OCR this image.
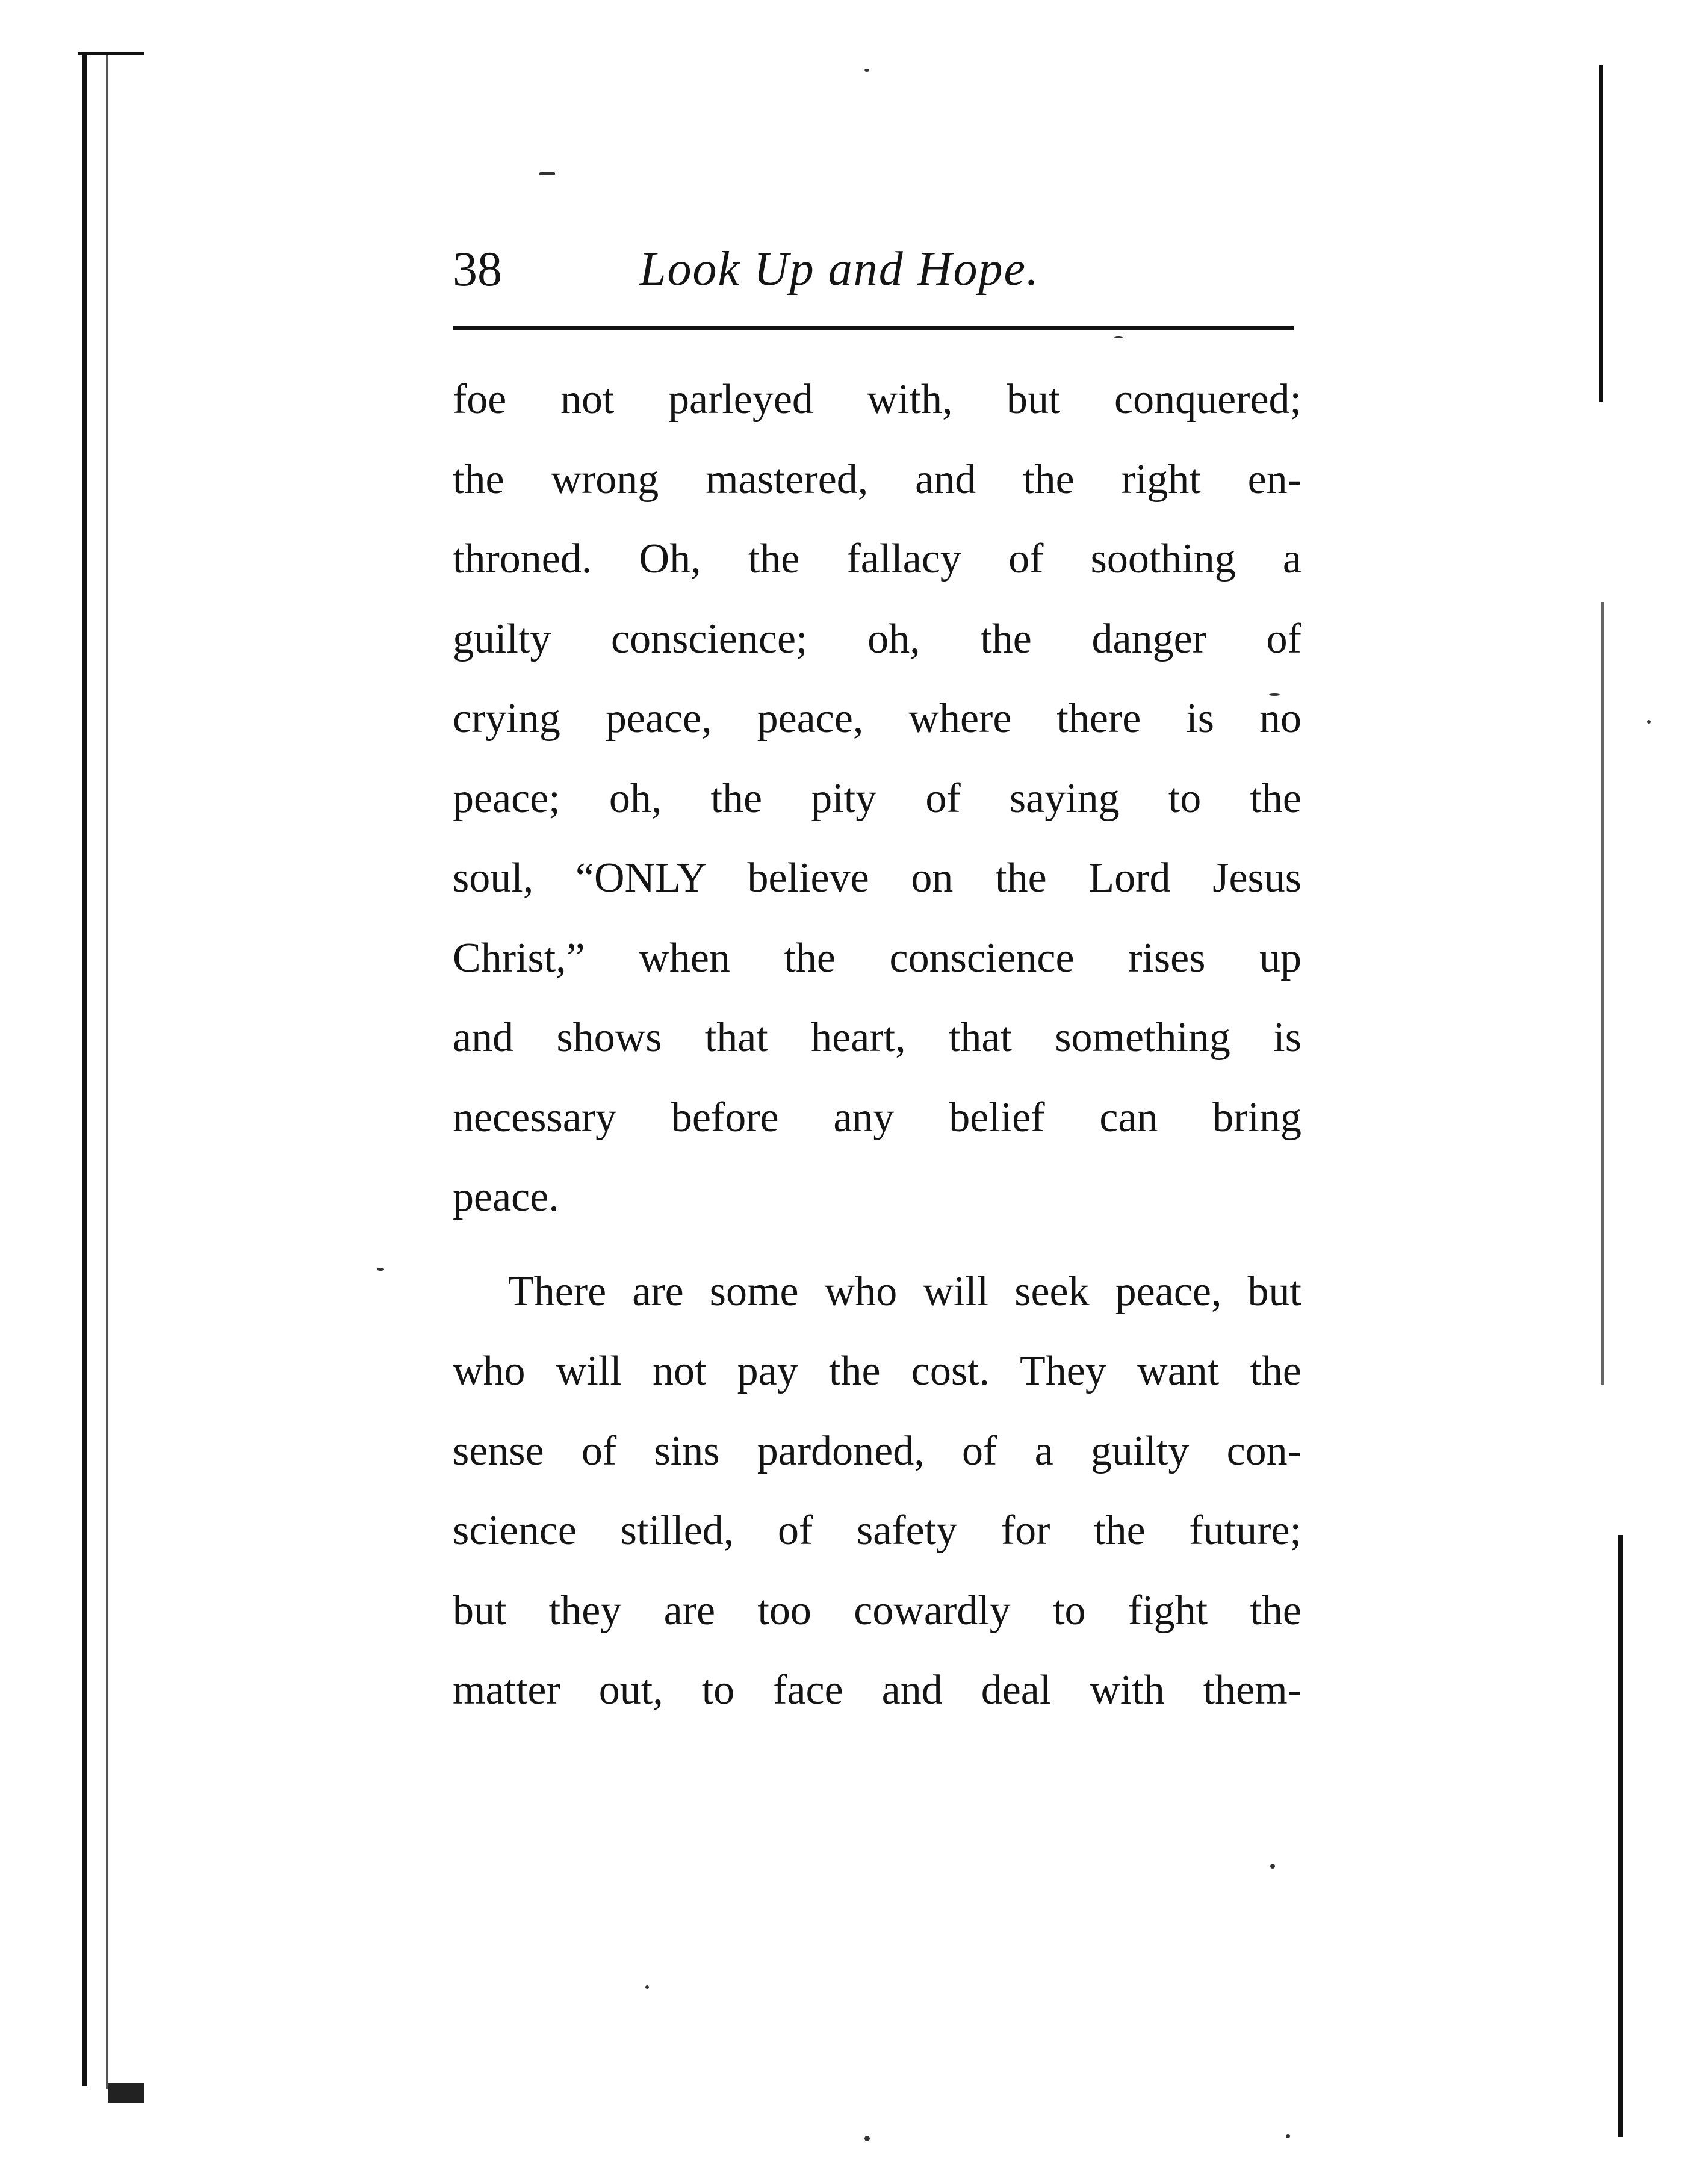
38	Look Up and Hope.
foe not parleyed with, but conquered;
the wrong mastered, and the right en-
throned. Oh, the fallacy of soothing a
guilty conscience; oh, the danger of
crying peace, peace, where there is no
peace; oh, the pity of saying to the
soul, “ONLY believe on the Lord Jesus
Christ,” when the conscience rises up
and shows that heart, that something is
necessary before any belief can bring
peace.
There are some who will seek peace, but
who will not pay the cost. They want the
sense of sins pardoned, of a guilty con-
science stilled, of safety for the future;
but they are too cowardly to fight the
matter out, to face and deal with them-
